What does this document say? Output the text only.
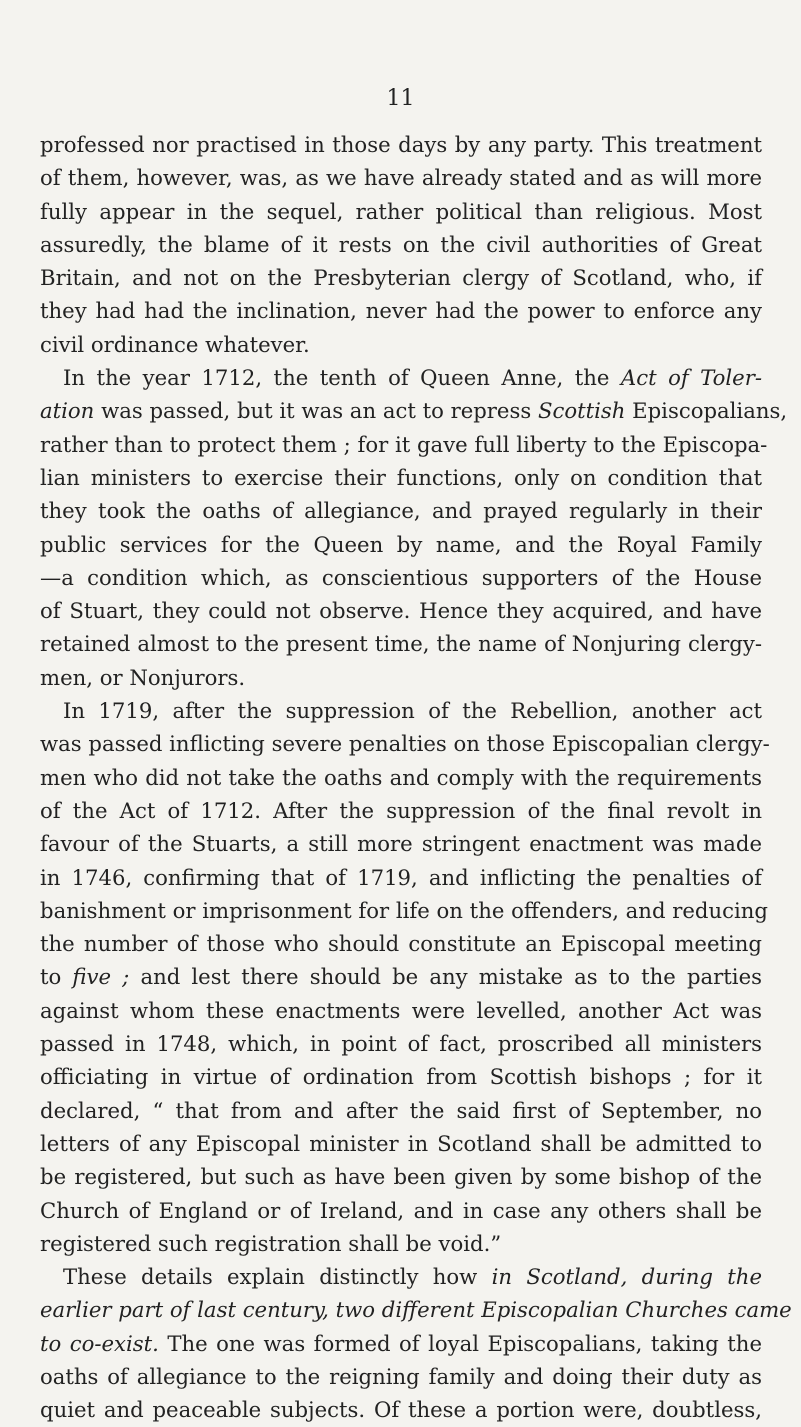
11
professed nor practised in those days by any party. This treatment
of them, however, was, as we have already stated and as will more
fully appear in the sequel, rather political than religious. Most
assuredly, the blame of it rests on the civil authorities of Great
Britain, and not on the Presbyterian clergy of Scotland, who, if
they had had the inclination, never had the power to enforce any
civil ordinance whatever.
In the year 1712, the tenth of Queen Anne, the Act of Toler-
ation was passed, but it was an act to repress Scottish Episcopalians,
rather than to protect them ; for it gave full liberty to the Episcopa-
lian ministers to exercise their functions, only on condition that
they took the oaths of allegiance, and prayed regularly in their
public services for the Queen by name, and the Royal Family
—a condition which, as conscientious supporters of the House
of Stuart, they could not observe. Hence they acquired, and have
retained almost to the present time, the name of Nonjuring clergy-
men, or Nonjurors.
In 1719, after the suppression of the Rebellion, another act
was passed inflicting severe penalties on those Episcopalian clergy-
men who did not take the oaths and comply with the requirements
of the Act of 1712. After the suppression of the final revolt in
favour of the Stuarts, a still more stringent enactment was made
in 1746, confirming that of 1719, and inflicting the penalties of
banishment or imprisonment for life on the offenders, and reducing
the number of those who should constitute an Episcopal meeting
to five ; and lest there should be any mistake as to the parties
against whom these enactments were levelled, another Act was
passed in 1748, which, in point of fact, proscribed all ministers
officiating in virtue of ordination from Scottish bishops ; for it
declared, “ that from and after the said first of September, no
letters of any Episcopal minister in Scotland shall be admitted to
be registered, but such as have been given by some bishop of the
Church of England or of Ireland, and in case any others shall be
registered such registration shall be void.”
These details explain distinctly how in Scotland, during the
earlier part of last century, two different Episcopalian Churches came
to co-exist. The one was formed of loyal Episcopalians, taking the
oaths of allegiance to the reigning family and doing their duty as
quiet and peaceable subjects. Of these a portion were, doubtless,
